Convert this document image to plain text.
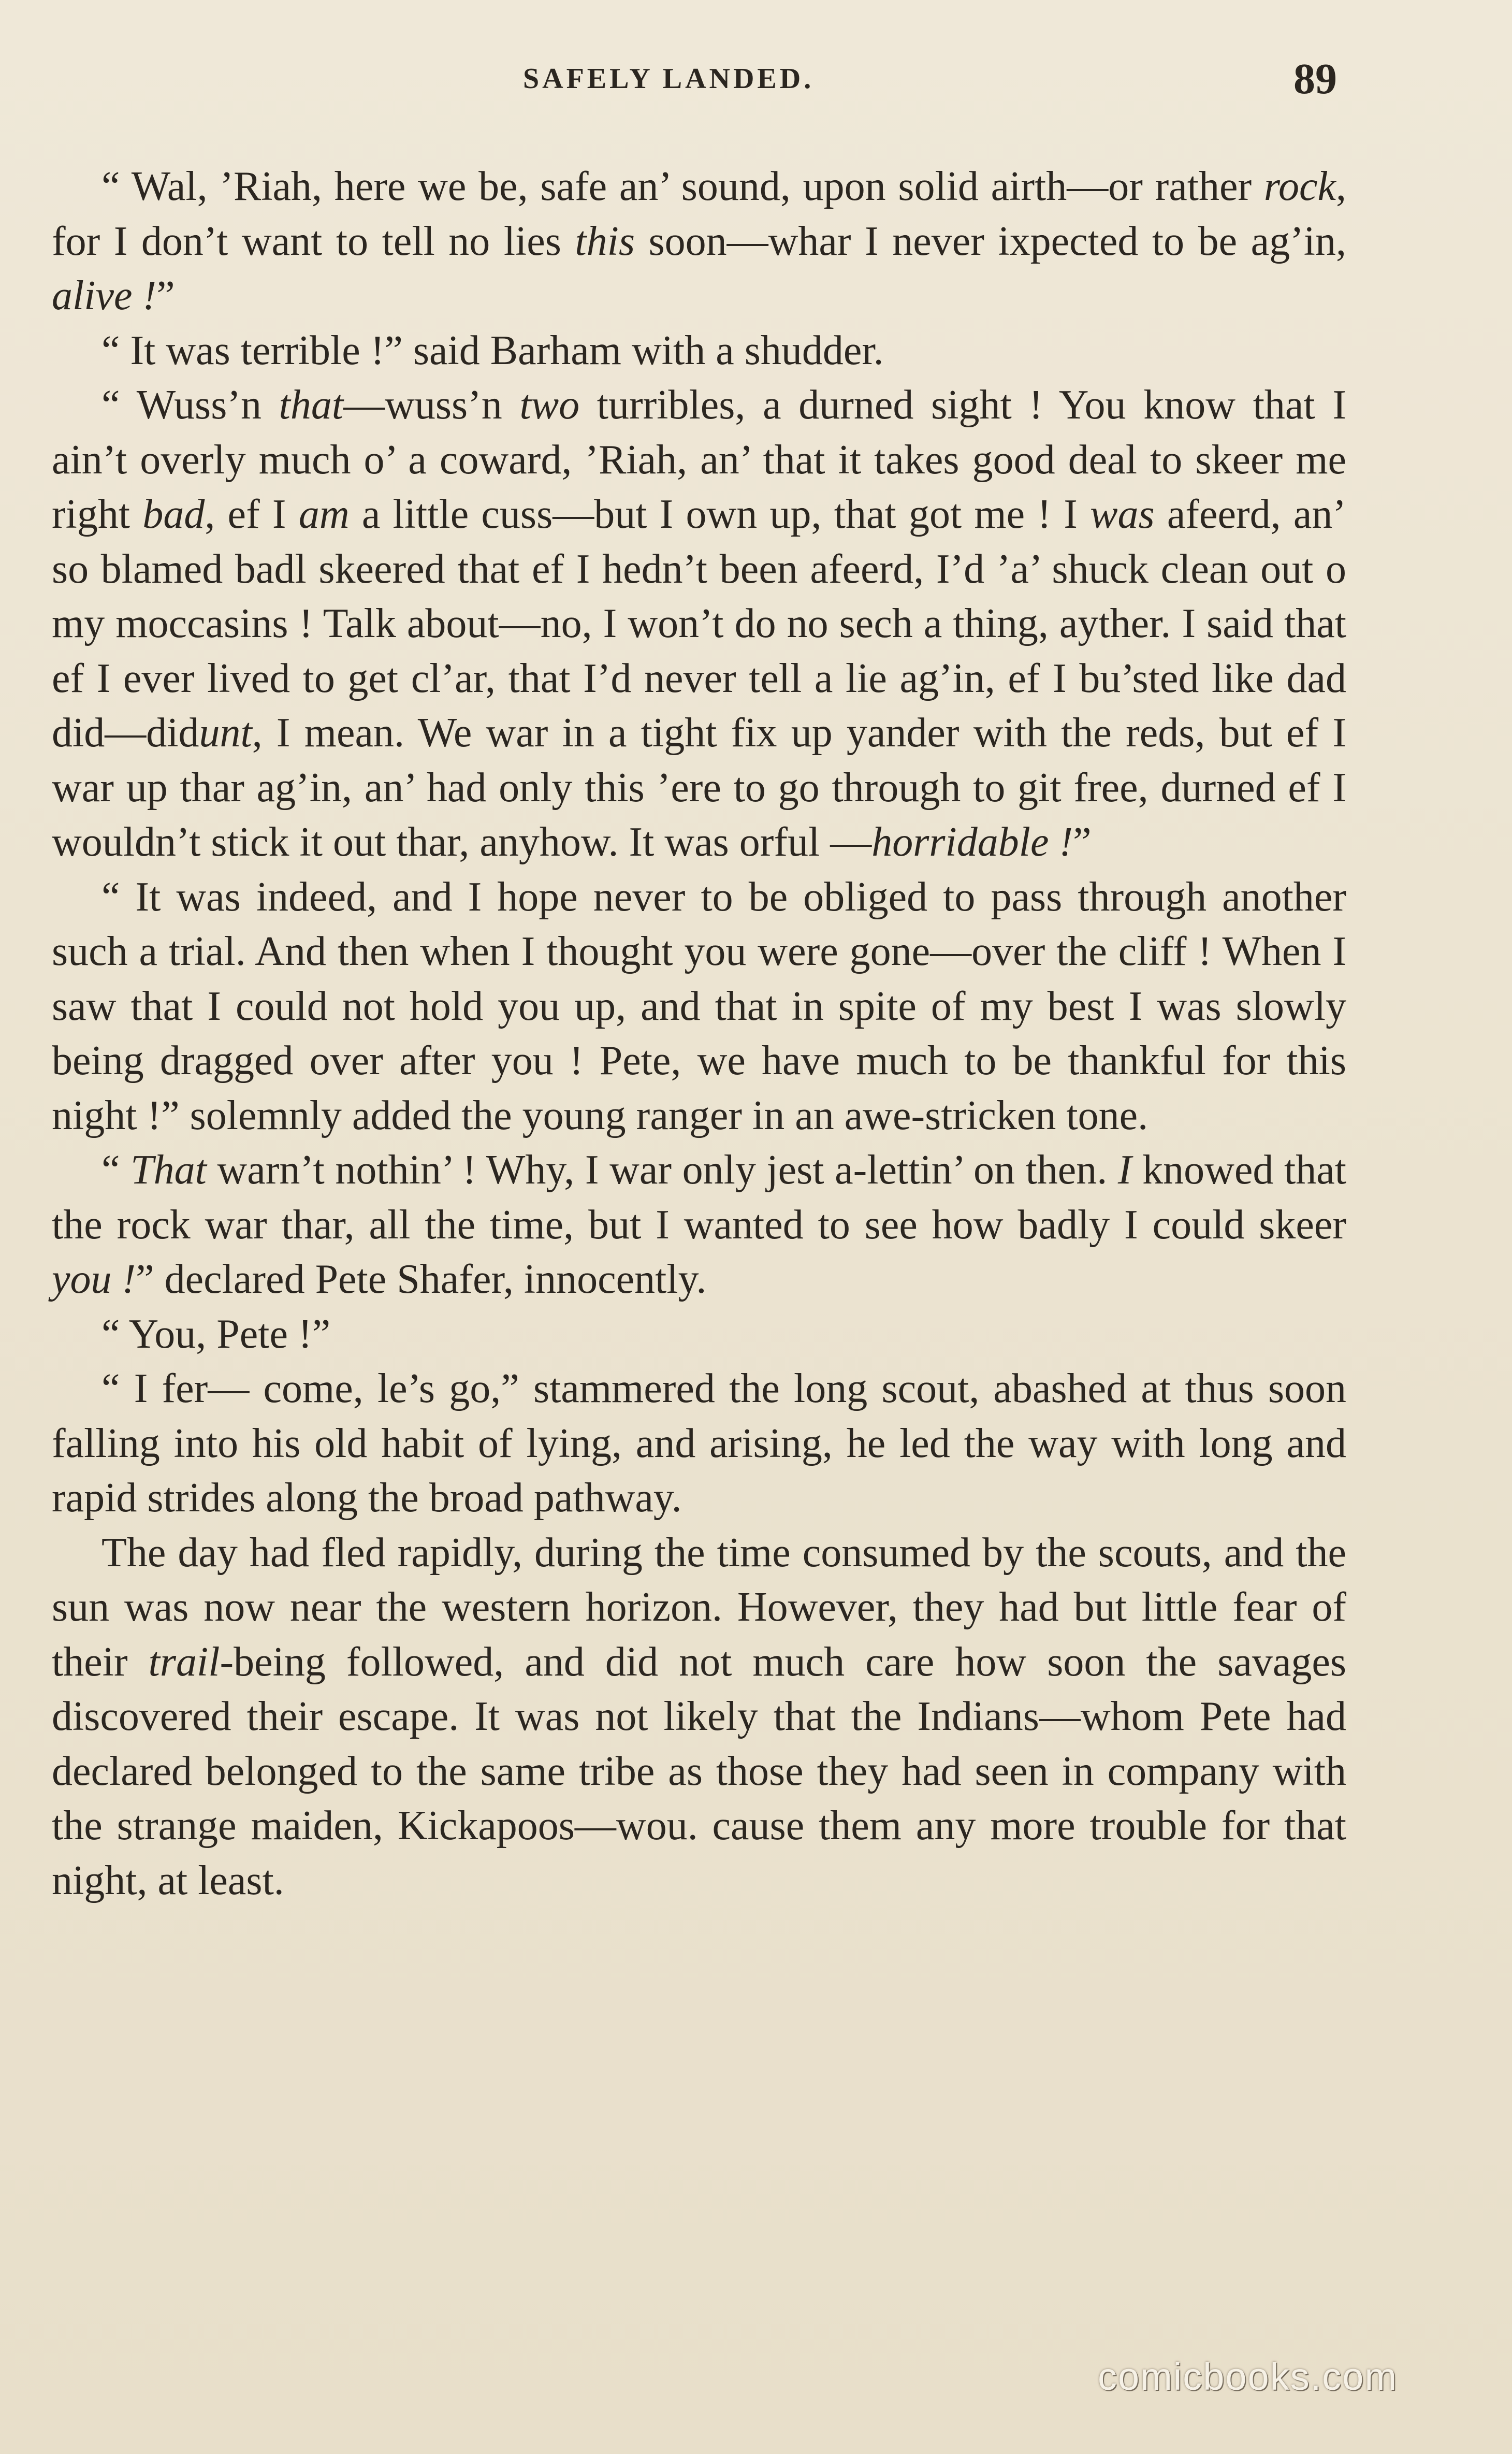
SAFELY LANDED.	89

“ Wal, ’Riah, here we be, safe an’ sound, upon solid airth—or rather rock, for I don’t want to tell no lies this soon—whar I never ixpected to be ag’in, alive !”

“ It was terrible !” said Barham with a shudder.

“ Wuss’n that—wuss’n two turribles, a durned sight ! You know that I ain’t overly much o’ a coward, ’Riah, an’ that it takes good deal to skeer me right bad, ef I am a little cuss—but I own up, that got me ! I was afeerd, an’ so blamed badl skeered that ef I hedn’t been afeerd, I’d ’a’ shuck clean out o my moccasins ! Talk about—no, I won’t do no sech a thing, ayther. I said that ef I ever lived to get cl’ar, that I’d never tell a lie ag’in, ef I bu’sted like dad did—didunt, I mean. We war in a tight fix up yander with the reds, but ef I war up thar ag’in, an’ had only this ’ere to go through to git free, durned ef I wouldn’t stick it out thar, anyhow. It was orful —horridable !”

“ It was indeed, and I hope never to be obliged to pass through another such a trial. And then when I thought you were gone—over the cliff ! When I saw that I could not hold you up, and that in spite of my best I was slowly being dragged over after you ! Pete, we have much to be thankful for this night !” solemnly added the young ranger in an awe-stricken tone.

“ That warn’t nothin’ ! Why, I war only jest a-lettin’ on then. I knowed that the rock war thar, all the time, but I wanted to see how badly I could skeer you !” declared Pete Shafer, innocently.

“ You, Pete !”

“ I fer— come, le’s go,” stammered the long scout, abashed at thus soon falling into his old habit of lying, and arising, he led the way with long and rapid strides along the broad pathway.

The day had fled rapidly, during the time consumed by the scouts, and the sun was now near the western horizon. However, they had but little fear of their trail-being followed, and did not much care how soon the savages discovered their escape. It was not likely that the Indians—whom Pete had declared belonged to the same tribe as those they had seen in company with the strange maiden, Kickapoos—wou. cause them any more trouble for that night, at least.

comicbooks.com
